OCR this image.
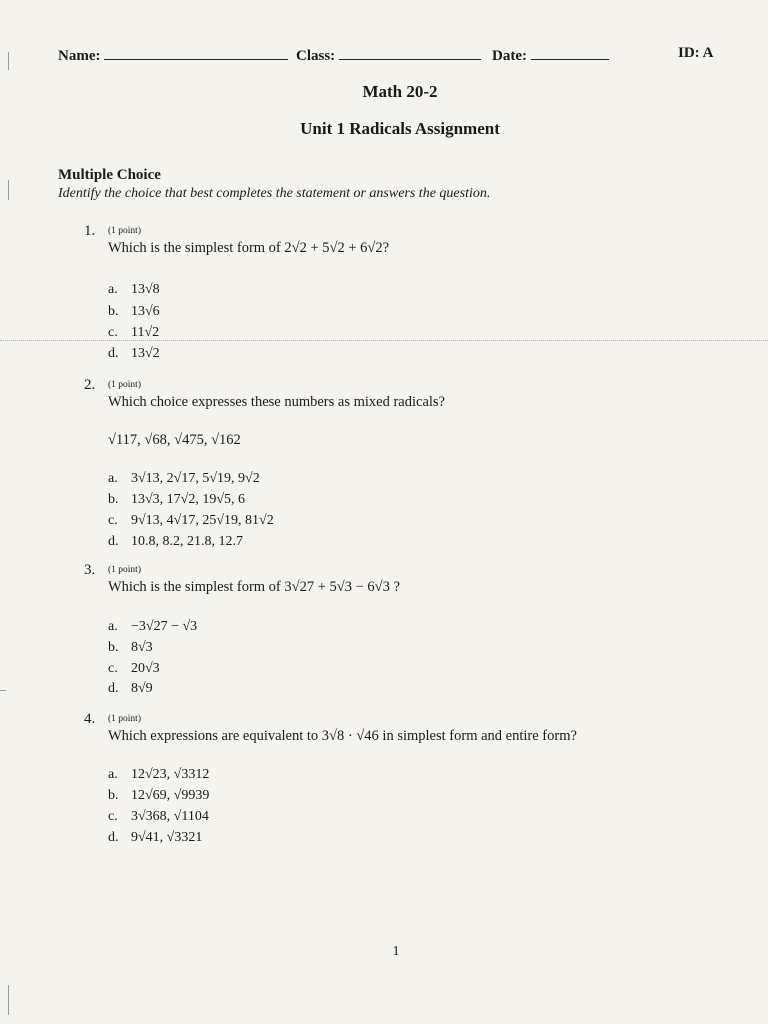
Name:	Class:	Date:	ID: A
Math 20-2
Unit 1 Radicals Assignment
Multiple Choice
Identify the choice that best completes the statement or answers the question.
1. (1 point)
Which is the simplest form of 2√2 + 5√2 + 6√2?
a. 13√8
b. 13√6
c. 11√2
d. 13√2
2. (1 point)
Which choice expresses these numbers as mixed radicals?
√117, √68, √475, √162
a. 3√13, 2√17, 5√19, 9√2
b. 13√3, 17√2, 19√5, 6
c. 9√13, 4√17, 25√19, 81√2
d. 10.8, 8.2, 21.8, 12.7
3. (1 point)
Which is the simplest form of 3√27 + 5√3 − 6√3 ?
a. −3√27 − √3
b. 8√3
c. 20√3
d. 8√9
4. (1 point)
Which expressions are equivalent to 3√8 · √46 in simplest form and entire form?
a. 12√23, √3312
b. 12√69, √9939
c. 3√368, √1104
d. 9√41, √3321
1
